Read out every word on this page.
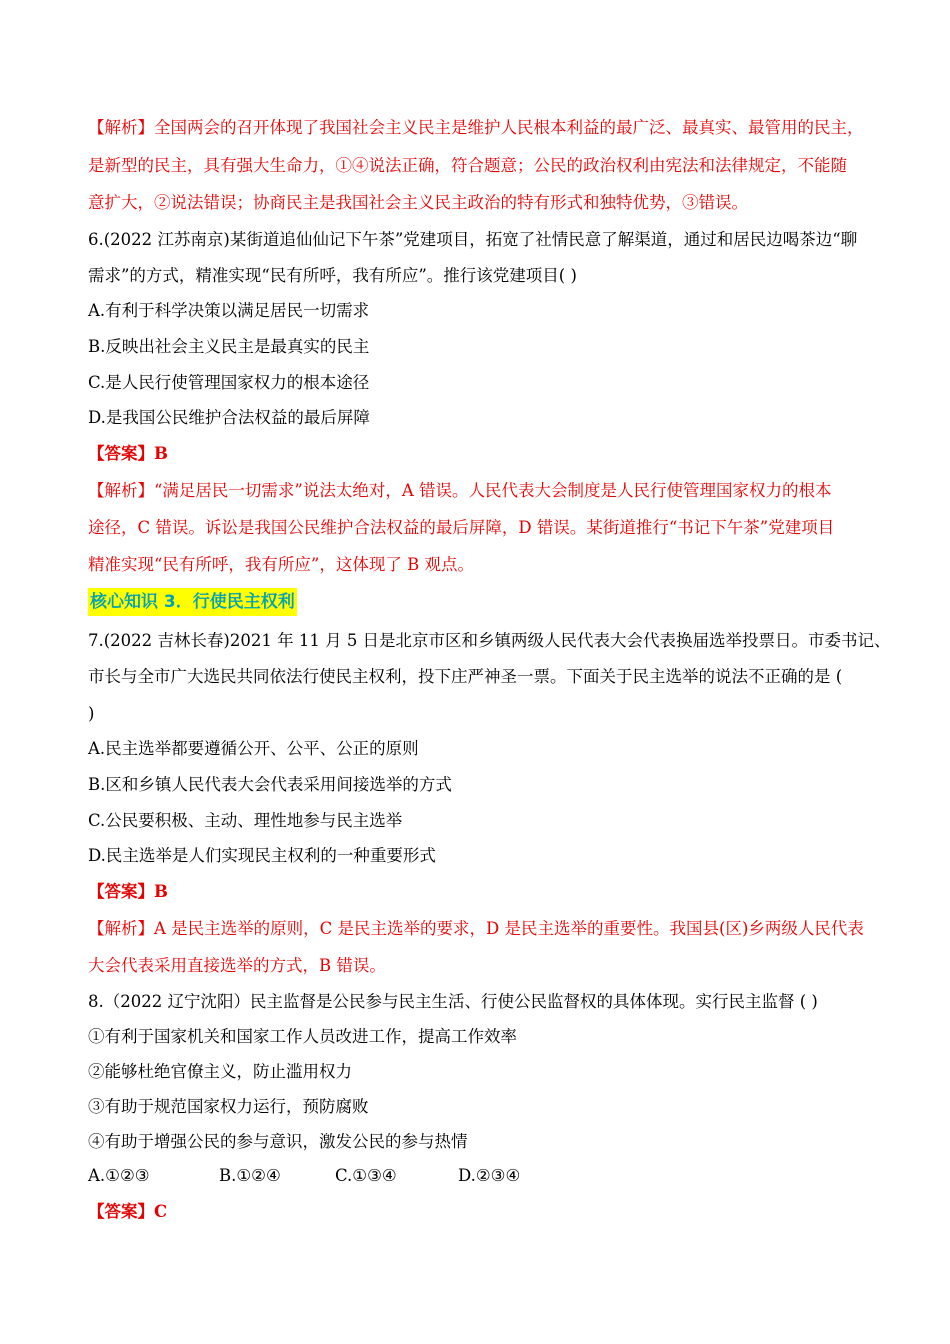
【解析】全国两会的召开体现了我国社会主义民主是维护人民根本利益的最广泛、最真实、最管用的民主，
是新型的民主，具有强大生命力，①④说法正确，符合题意；公民的政治权利由宪法和法律规定，不能随
意扩大，②说法错误；协商民主是我国社会主义民主政治的特有形式和独特优势，③错误。
6.(2022 江苏南京)某街道追仙仙记下午茶”党建项目，拓宽了社情民意了解渠道，通过和居民边喝茶边“聊
需求”的方式，精准实现“民有所呼，我有所应”。推行该党建项目( )
A.有利于科学决策以满足居民一切需求
B.反映出社会主义民主是最真实的民主
C.是人民行使管理国家权力的根本途径
D.是我国公民维护合法权益的最后屏障
【答案】B
【解析】“满足居民一切需求”说法太绝对，A 错误。人民代表大会制度是人民行使管理国家权力的根本
途径，C 错误。诉讼是我国公民维护合法权益的最后屏障，D 错误。某街道推行“书记下午茶”党建项目
精准实现“民有所呼，我有所应”，这体现了 B 观点。
核心知识 3．行使民主权利
7.(2022 吉林长春)2021 年 11 月 5 日是北京市区和乡镇两级人民代表大会代表换届选举投票日。市委书记、
市长与全市广大选民共同依法行使民主权利，投下庄严神圣一票。下面关于民主选举的说法不正确的是 (
)
A.民主选举都要遵循公开、公平、公正的原则
B.区和乡镇人民代表大会代表采用间接选举的方式
C.公民要积极、主动、理性地参与民主选举
D.民主选举是人们实现民主权利的一种重要形式
【答案】B
【解析】A 是民主选举的原则，C 是民主选举的要求，D 是民主选举的重要性。我国县(区)乡两级人民代表
大会代表采用直接选举的方式，B 错误。
8.（2022 辽宁沈阳）民主监督是公民参与民主生活、行使公民监督权的具体体现。实行民主监督 ( )
①有利于国家机关和国家工作人员改进工作，提高工作效率
②能够杜绝官僚主义，防止滥用权力
③有助于规范国家权力运行，预防腐败
④有助于增强公民的参与意识，激发公民的参与热情
A.①②③	B.①②④	C.①③④	D.②③④
【答案】C
